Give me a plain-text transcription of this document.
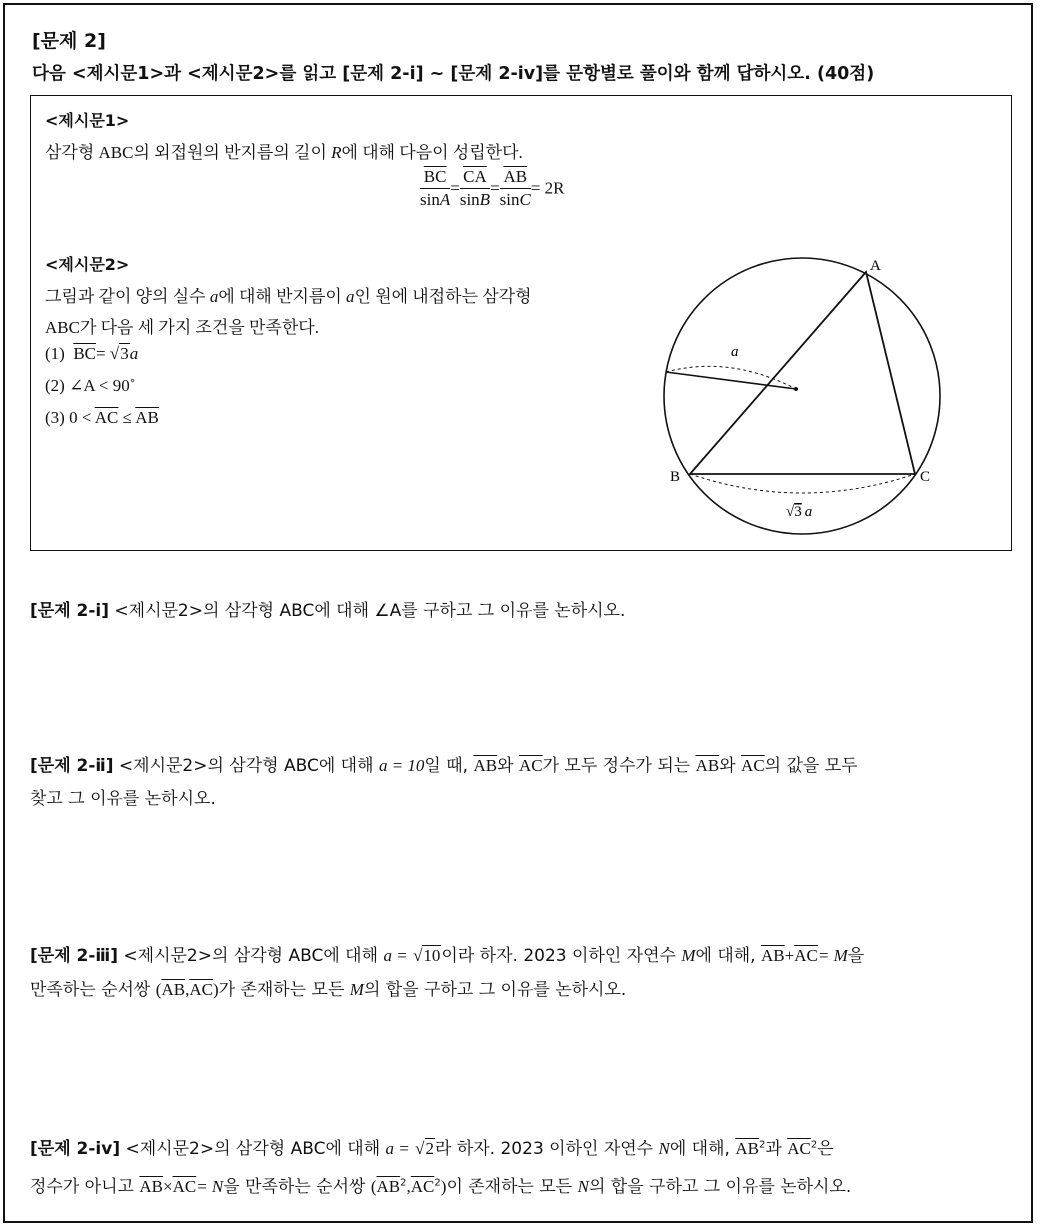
[문제 2]
다음 <제시문1>과 <제시문2>를 읽고 [문제 2-ⅰ] ~ [문제 2-iv]를 문항별로 풀이와 함께 답하시오. (40점)
<제시문1>
삼각형 ABC의 외접원의 반지름의 길이 R에 대해 다음이 성립한다.
$\frac{\overline{BC}}{\sin A} = \frac{\overline{CA}}{\sin B} = \frac{\overline{AB}}{\sin C} = 2R$
<제시문2>
그림과 같이 양의 실수 a에 대해 반지름이 a인 원에 내접하는 삼각형
ABC가 다음 세 가지 조건을 만족한다.
(1) $\overline{BC}= √3a$
(2) ∠A < 90˚
(3) $0 < \overline{AC} \le \overline{AB}$
A
B	C
a
√3 a
[문제 2-ⅰ] <제시문2>의 삼각형 ABC에 대해 ∠A를 구하고 그 이유를 논하시오.
[문제 2-ⅱ] <제시문2>의 삼각형 ABC에 대해 a = 10일 때, $\overline{AB}$와 $\overline{AC}$가 모두 정수가 되는 $\overline{AB}$와 $\overline{AC}$의 값을 모두
찾고 그 이유를 논하시오.
[문제 2-ⅲ] <제시문2>의 삼각형 ABC에 대해 a = √10이라 하자. 2023 이하인 자연수 M에 대해, $\overline{AB}+\overline{AC}= M$을
만족하는 순서쌍 $(\overline{AB},\overline{AC})$가 존재하는 모든 M의 합을 구하고 그 이유를 논하시오.
[문제 2-iv] <제시문2>의 삼각형 ABC에 대해 a = √2라 하자. 2023 이하인 자연수 N에 대해, $\overline{AB}^2$과 $\overline{AC}^2$은
정수가 아니고 $\overline{AB}\times\overline{AC}= N$을 만족하는 순서쌍 $(\overline{AB}^2,\overline{AC}^2)$이 존재하는 모든 N의 합을 구하고 그 이유를 논하시오.
